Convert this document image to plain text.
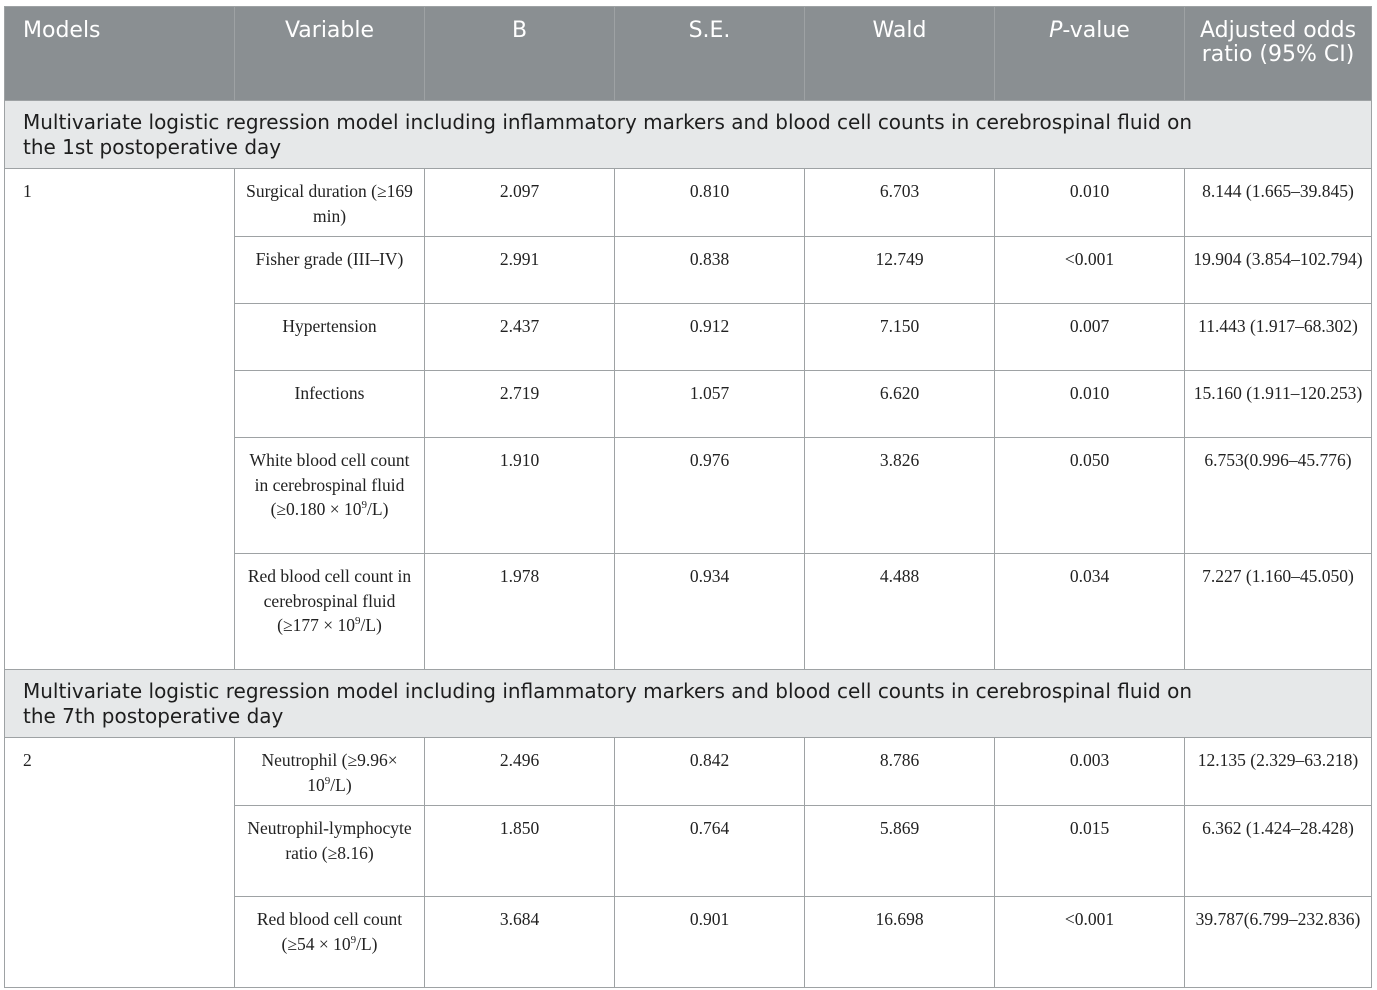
Models	Variable	B	S.E.	Wald	P-value	Adjusted odds ratio (95% CI)
Multivariate logistic regression model including inflammatory markers and blood cell counts in cerebrospinal fluid on the 1st postoperative day						
1	Surgical duration (≥169 min)	2.097	0.810	6.703	0.010	8.144 (1.665–39.845)
	Fisher grade (III–IV)	2.991	0.838	12.749	<0.001	19.904 (3.854–102.794)
	Hypertension	2.437	0.912	7.150	0.007	11.443 (1.917–68.302)
	Infections	2.719	1.057	6.620	0.010	15.160 (1.911–120.253)
	White blood cell count in cerebrospinal fluid $(\ge 0.180 \times 10^9/L)$	1.910	0.976	3.826	0.050	6.753(0.996–45.776)
	Red blood cell count in cerebrospinal fluid $(\ge 177 \times 10^9/L)$	1.978	0.934	4.488	0.034	7.227 (1.160–45.050)
Multivariate logistic regression model including inflammatory markers and blood cell counts in cerebrospinal fluid on the 7th postoperative day						
2	Neutrophil $(\ge 9.96\times 10^9/L)$	2.496	0.842	8.786	0.003	12.135 (2.329–63.218)
	Neutrophil-lymphocyte ratio (≥8.16)	1.850	0.764	5.869	0.015	6.362 (1.424–28.428)
	Red blood cell count $(\ge 54 \times 10^9/L)$	3.684	0.901	16.698	<0.001	39.787(6.799–232.836)
